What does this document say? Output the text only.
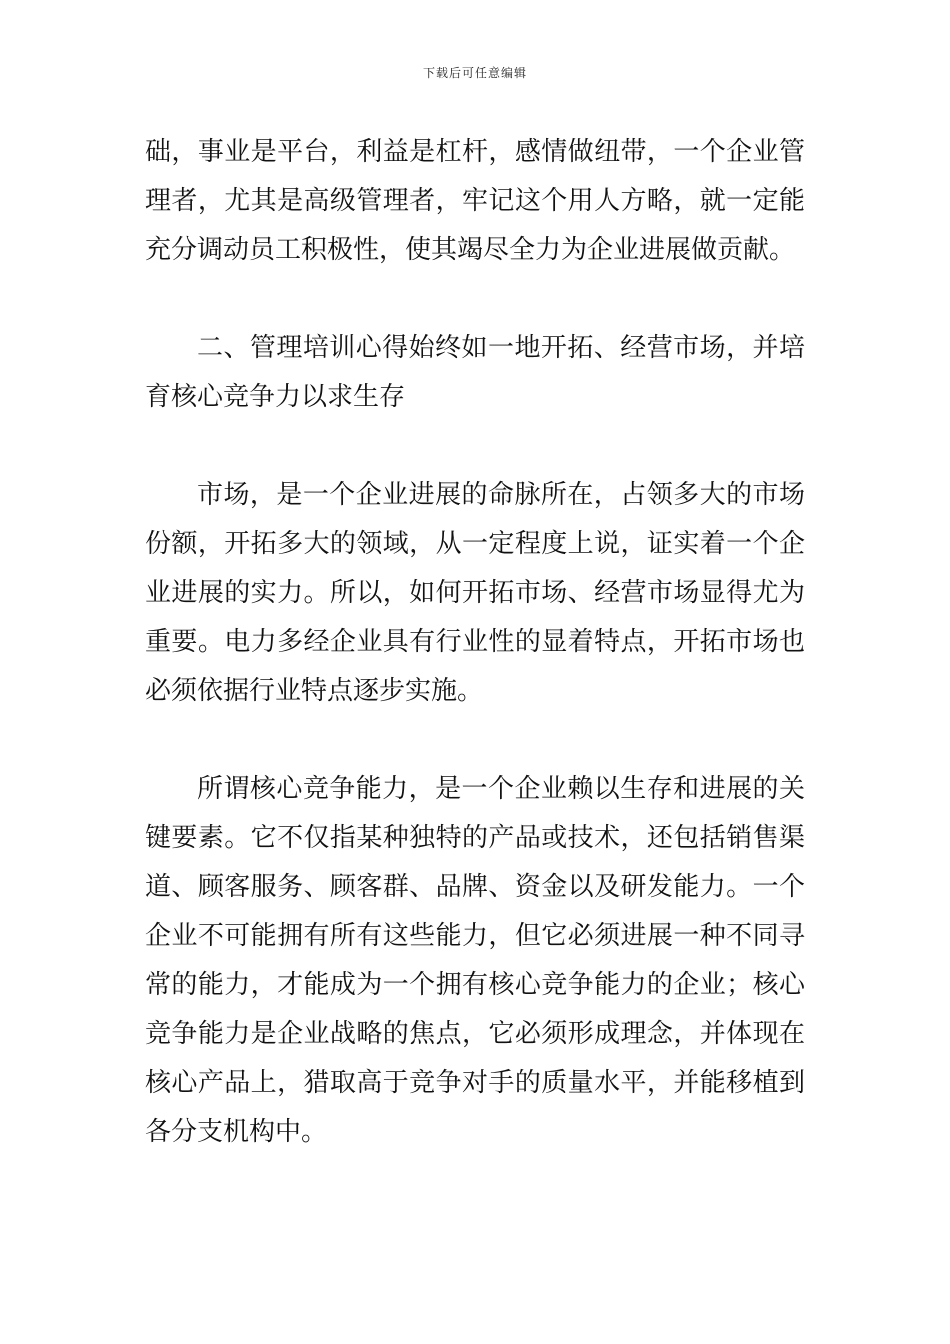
下载后可任意编辑

础，事业是平台，利益是杠杆，感情做纽带，一个企业管理者，尤其是高级管理者，牢记这个用人方略，就一定能充分调动员工积极性，使其竭尽全力为企业进展做贡献。

二、管理培训心得始终如一地开拓、经营市场，并培育核心竞争力以求生存

市场，是一个企业进展的命脉所在，占领多大的市场份额，开拓多大的领域，从一定程度上说，证实着一个企业进展的实力。所以，如何开拓市场、经营市场显得尤为重要。电力多经企业具有行业性的显着特点，开拓市场也必须依据行业特点逐步实施。

所谓核心竞争能力，是一个企业赖以生存和进展的关键要素。它不仅指某种独特的产品或技术，还包括销售渠道、顾客服务、顾客群、品牌、资金以及研发能力。一个企业不可能拥有所有这些能力，但它必须进展一种不同寻常的能力，才能成为一个拥有核心竞争能力的企业；核心竞争能力是企业战略的焦点，它必须形成理念，并体现在核心产品上，猎取高于竞争对手的质量水平，并能移植到各分支机构中。
